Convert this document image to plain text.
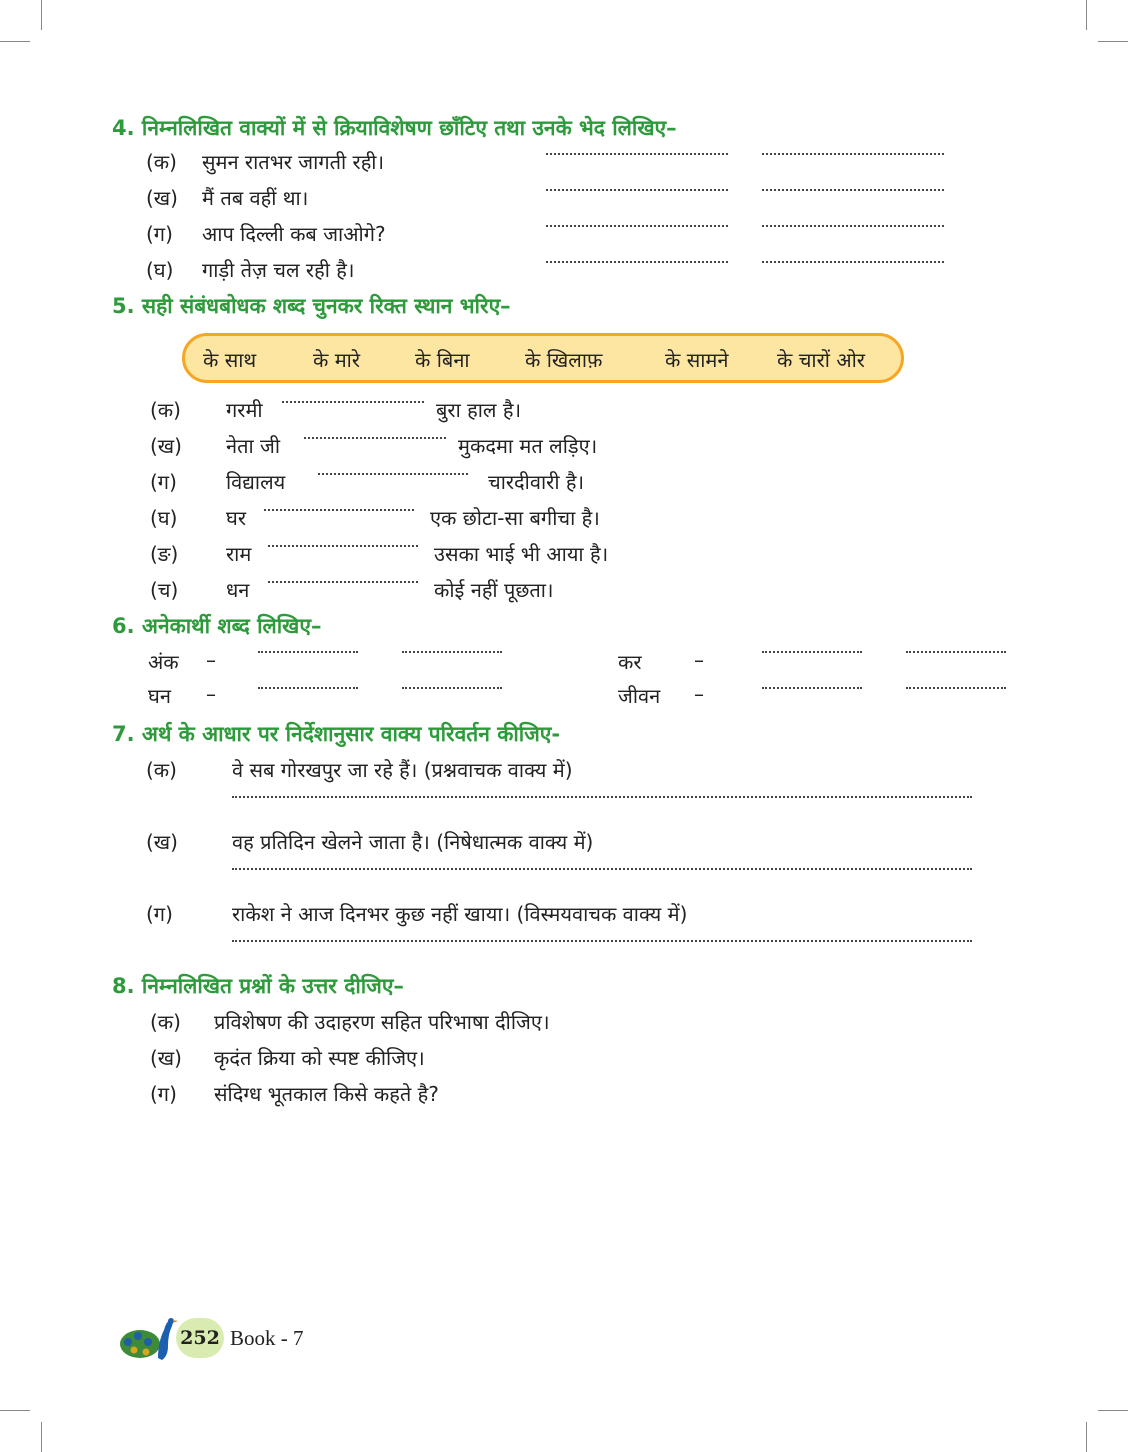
4. निम्नलिखित वाक्यों में से क्रियाविशेषण छाँटिए तथा उनके भेद लिखिए–
(क) सुमन रातभर जागती रही।
(ख) मैं तब वहीं था।
(ग) आप दिल्ली कब जाओगे?
(घ) गाड़ी तेज़ चल रही है।
5. सही संबंधबोधक शब्द चुनकर रिक्त स्थान भरिए–
के साथ	के मारे	के बिना	के खिलाफ़	के सामने के चारों ओर
(क) गरमी	बुरा हाल है।
(ख) नेता जी	मुकदमा मत लड़िए।
(ग) विद्यालय	चारदीवारी है।
(घ) घर	एक छोटा-सा बगीचा है।
(ङ) राम	उसका भाई भी आया है।
(च) धन	कोई नहीं पूछता।
6. अनेकार्थी शब्द लिखिए–
अंक –	कर	–
घन –	जीवन –
7. अर्थ के आधार पर निर्देशानुसार वाक्य परिवर्तन कीजिए-
(क)	वे सब गोरखपुर जा रहे हैं। (प्रश्नवाचक वाक्य में)
(ख)	वह प्रतिदिन खेलने जाता है। (निषेधात्मक वाक्य में)
(ग)	राकेश ने आज दिनभर कुछ नहीं खाया। (विस्मयवाचक वाक्य में)
8. निम्नलिखित प्रश्नों के उत्तर दीजिए–
(क) प्रविशेषण की उदाहरण सहित परिभाषा दीजिए।
(ख) कृदंत क्रिया को स्पष्ट कीजिए।
(ग) संदिग्ध भूतकाल किसे कहते है?
252 Book - 7
